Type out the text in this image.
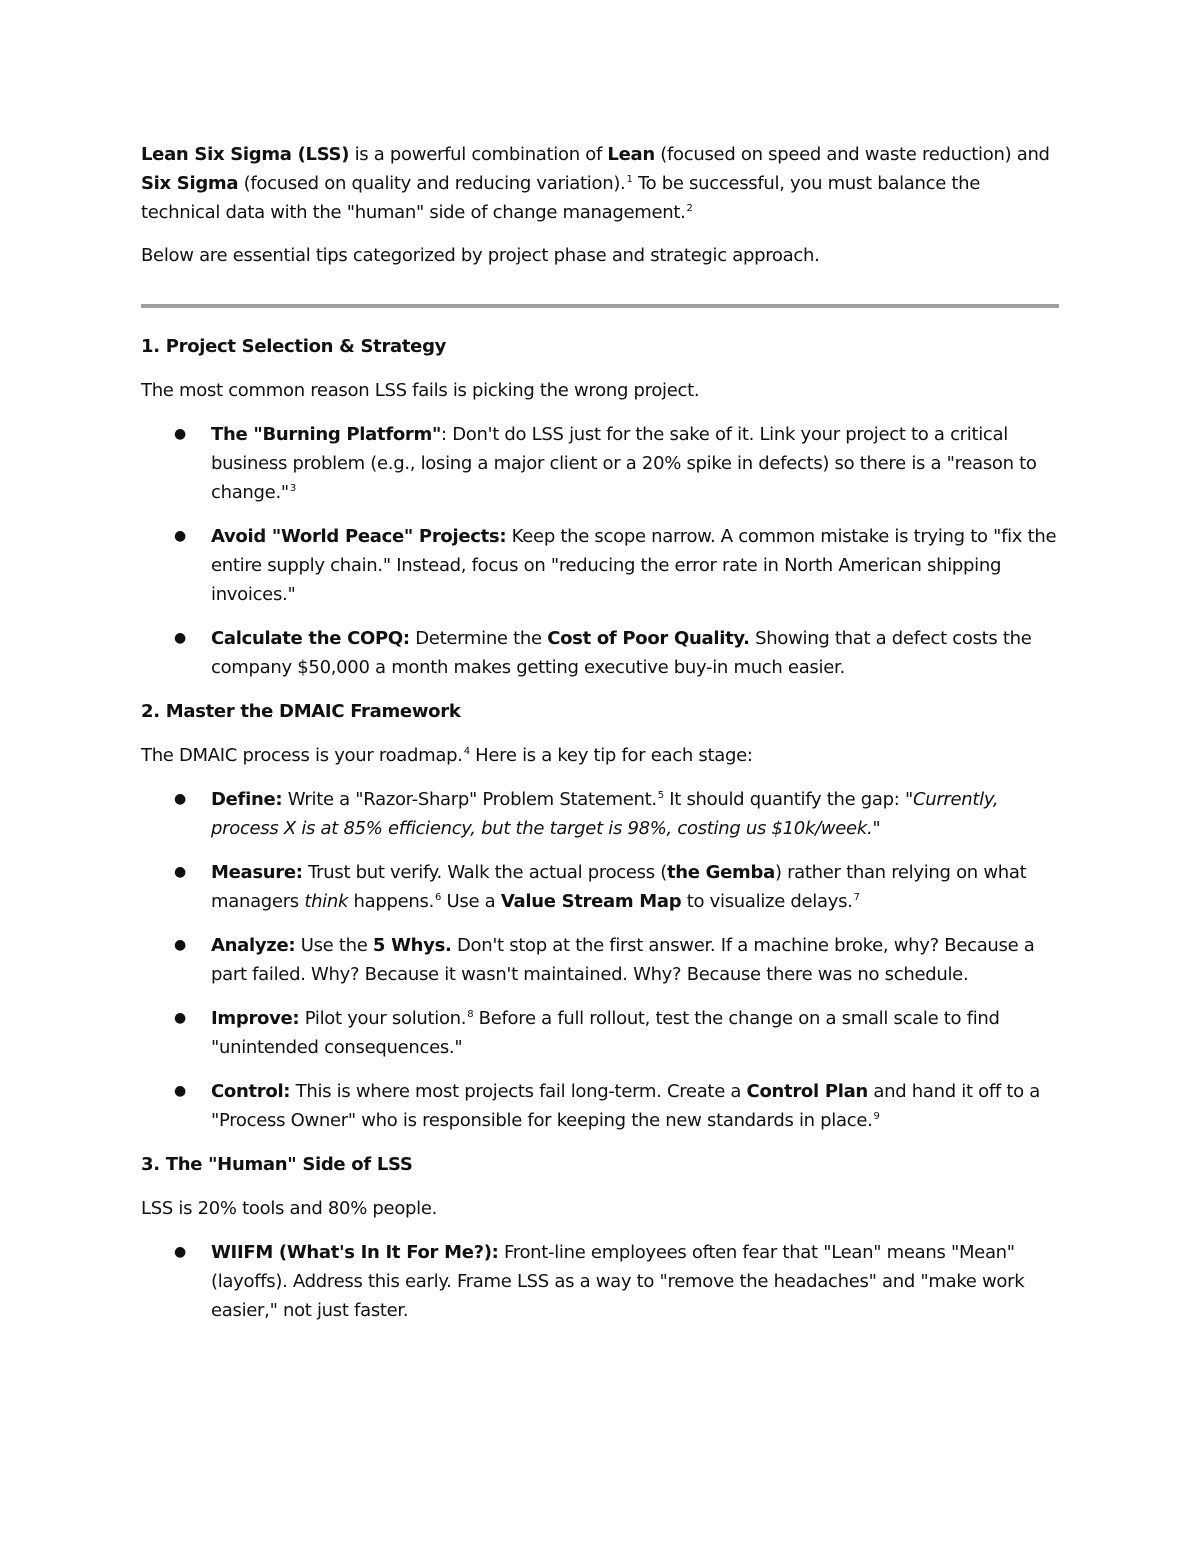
Lean Six Sigma (LSS) is a powerful combination of Lean (focused on speed and waste reduction) and Six Sigma (focused on quality and reducing variation).$^1$ To be successful, you must balance the technical data with the "human" side of change management.$^2$

Below are essential tips categorized by project phase and strategic approach.

1. Project Selection & Strategy

The most common reason LSS fails is picking the wrong project.

● The "Burning Platform": Don't do LSS just for the sake of it. Link your project to a critical business problem (e.g., losing a major client or a 20% spike in defects) so there is a "reason to change."$^3$
● Avoid "World Peace" Projects: Keep the scope narrow. A common mistake is trying to "fix the entire supply chain." Instead, focus on "reducing the error rate in North American shipping invoices."
● Calculate the COPQ: Determine the Cost of Poor Quality. Showing that a defect costs the company $50,000 a month makes getting executive buy-in much easier.
2. Master the DMAIC Framework

The DMAIC process is your roadmap.$^4$ Here is a key tip for each stage:

● Define: Write a "Razor-Sharp" Problem Statement.$^5$ It should quantify the gap: "Currently, process X is at 85% efficiency, but the target is 98%, costing us $10k/week."
● Measure: Trust but verify. Walk the actual process (the Gemba) rather than relying on what managers think happens.$^6$ Use a Value Stream Map to visualize delays.$^7$
● Analyze: Use the 5 Whys. Don't stop at the first answer. If a machine broke, why? Because a part failed. Why? Because it wasn't maintained. Why? Because there was no schedule.
● Improve: Pilot your solution.$^8$ Before a full rollout, test the change on a small scale to find "unintended consequences."
● Control: This is where most projects fail long-term. Create a Control Plan and hand it off to a "Process Owner" who is responsible for keeping the new standards in place.$^9$
3. The "Human" Side of LSS

LSS is 20% tools and 80% people.

● WIIFM (What's In It For Me?): Front-line employees often fear that "Lean" means "Mean" (layoffs). Address this early. Frame LSS as a way to "remove the headaches" and "make work easier," not just faster.
